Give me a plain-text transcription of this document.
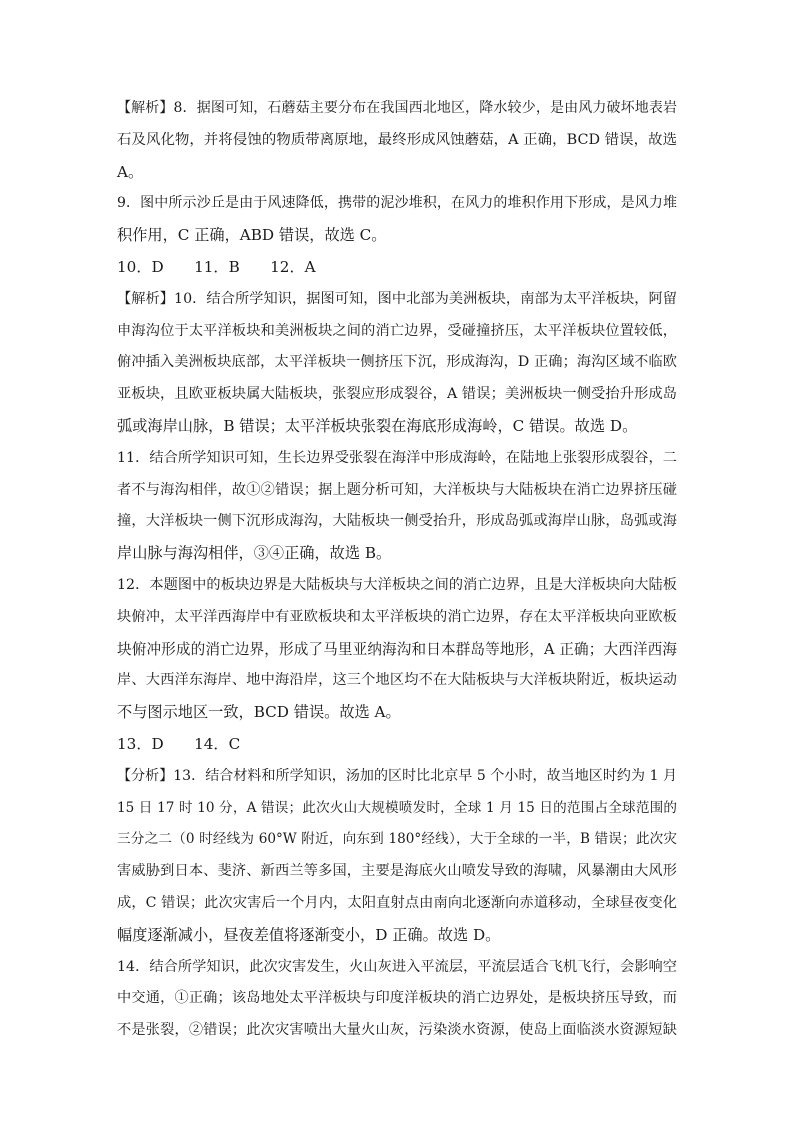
【解析】8．据图可知，石蘑菇主要分布在我国西北地区，降水较少，是由风力破坏地表岩
石及风化物，并将侵蚀的物质带离原地，最终形成风蚀蘑菇，A 正确，BCD 错误，故选
A。
9．图中所示沙丘是由于风速降低，携带的泥沙堆积，在风力的堆积作用下形成，是风力堆
积作用，C 正确，ABD 错误，故选 C。
10．D　　11．B　　12．A
【解析】10．结合所学知识，据图可知，图中北部为美洲板块，南部为太平洋板块，阿留
申海沟位于太平洋板块和美洲板块之间的消亡边界，受碰撞挤压，太平洋板块位置较低，
俯冲插入美洲板块底部，太平洋板块一侧挤压下沉，形成海沟，D 正确；海沟区域不临欧
亚板块，且欧亚板块属大陆板块，张裂应形成裂谷，A 错误；美洲板块一侧受抬升形成岛
弧或海岸山脉，B 错误；太平洋板块张裂在海底形成海岭，C 错误。故选 D。
11．结合所学知识可知，生长边界受张裂在海洋中形成海岭，在陆地上张裂形成裂谷，二
者不与海沟相伴，故①②错误；据上题分析可知，大洋板块与大陆板块在消亡边界挤压碰
撞，大洋板块一侧下沉形成海沟，大陆板块一侧受抬升，形成岛弧或海岸山脉，岛弧或海
岸山脉与海沟相伴，③④正确，故选 B。
12．本题图中的板块边界是大陆板块与大洋板块之间的消亡边界，且是大洋板块向大陆板
块俯冲，太平洋西海岸中有亚欧板块和太平洋板块的消亡边界，存在太平洋板块向亚欧板
块俯冲形成的消亡边界，形成了马里亚纳海沟和日本群岛等地形，A 正确；大西洋西海
岸、大西洋东海岸、地中海沿岸，这三个地区均不在大陆板块与大洋板块附近，板块运动
不与图示地区一致，BCD 错误。故选 A。
13．D　　14．C
【分析】13．结合材料和所学知识，汤加的区时比北京早 5 个小时，故当地区时约为 1 月
15 日 17 时 10 分，A 错误；此次火山大规模喷发时，全球 1 月 15 日的范围占全球范围的
三分之二（0 时经线为 60°W 附近，向东到 180°经线），大于全球的一半，B 错误；此次灾
害威胁到日本、斐济、新西兰等多国，主要是海底火山喷发导致的海啸，风暴潮由大风形
成，C 错误；此次灾害后一个月内，太阳直射点由南向北逐渐向赤道移动，全球昼夜变化
幅度逐渐减小，昼夜差值将逐渐变小，D 正确。故选 D。
14．结合所学知识，此次灾害发生，火山灰进入平流层，平流层适合飞机飞行，会影响空
中交通，①正确；该岛地处太平洋板块与印度洋板块的消亡边界处，是板块挤压导致，而
不是张裂，②错误；此次灾害喷出大量火山灰，污染淡水资源，使岛上面临淡水资源短缺
